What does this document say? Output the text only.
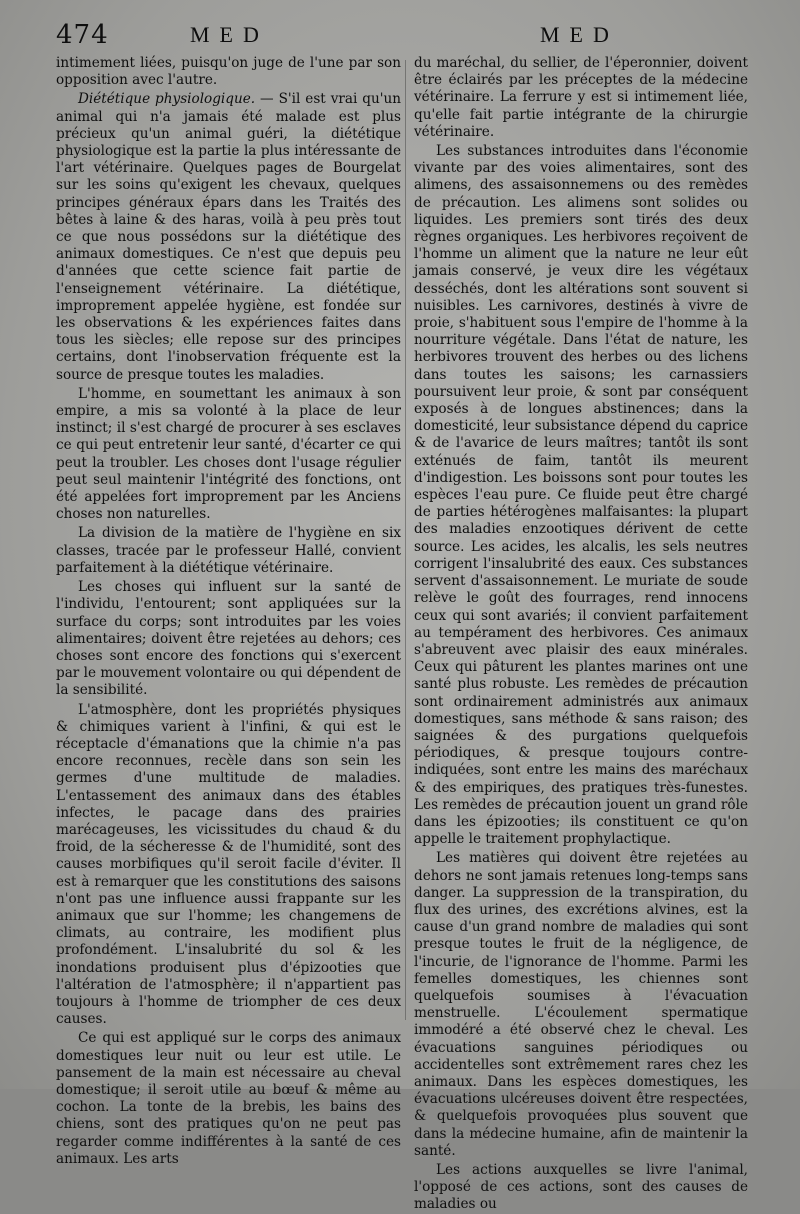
474	MED	MED

intimement liées, puisqu'on juge de l'une par son opposition avec l'autre.

Diététique physiologique. — S'il est vrai qu'un animal qui n'a jamais été malade est plus précieux qu'un animal guéri, la diététique physiologique est la partie la plus intéressante de l'art vétérinaire. Quelques pages de Bourgelat sur les soins qu'exigent les chevaux, quelques principes généraux épars dans les Traités des bêtes à laine & des haras, voilà à peu près tout ce que nous possédons sur la diététique des animaux domestiques. Ce n'est que depuis peu d'années que cette science fait partie de l'enseignement vétérinaire. La diététique, improprement appelée hygiène, est fondée sur les observations & les expériences faites dans tous les siècles; elle repose sur des principes certains, dont l'inobservation fréquente est la source de presque toutes les maladies.

L'homme, en soumettant les animaux à son empire, a mis sa volonté à la place de leur instinct; il s'est chargé de procurer à ses esclaves ce qui peut entretenir leur santé, d'écarter ce qui peut la troubler. Les choses dont l'usage régulier peut seul maintenir l'intégrité des fonctions, ont été appelées fort improprement par les Anciens choses non naturelles.

La division de la matière de l'hygiène en six classes, tracée par le professeur Hallé, convient parfaitement à la diététique vétérinaire.

Les choses qui influent sur la santé de l'individu, l'entourent; sont appliquées sur la surface du corps; sont introduites par les voies alimentaires; doivent être rejetées au dehors; ces choses sont encore des fonctions qui s'exercent par le mouvement volontaire ou qui dépendent de la sensibilité.

L'atmosphère, dont les propriétés physiques & chimiques varient à l'infini, & qui est le réceptacle d'émanations que la chimie n'a pas encore reconnues, recèle dans son sein les germes d'une multitude de maladies. L'entassement des animaux dans des étables infectes, le pacage dans des prairies marécageuses, les vicissitudes du chaud & du froid, de la sécheresse & de l'humidité, sont des causes morbifiques qu'il seroit facile d'éviter. Il est à remarquer que les constitutions des saisons n'ont pas une influence aussi frappante sur les animaux que sur l'homme; les changemens de climats, au contraire, les modifient plus profondément. L'insalubrité du sol & les inondations produisent plus d'épizooties que l'altération de l'atmosphère; il n'appartient pas toujours à l'homme de triompher de ces deux causes.

Ce qui est appliqué sur le corps des animaux domestiques leur nuit ou leur est utile. Le pansement de la main est nécessaire au cheval domestique; il seroit utile au bœuf & même au cochon. La tonte de la brebis, les bains des chiens, sont des pratiques qu'on ne peut pas regarder comme indifférentes à la santé de ces animaux. Les arts

du maréchal, du sellier, de l'éperonnier, doivent être éclairés par les préceptes de la médecine vétérinaire. La ferrure y est si intimement liée, qu'elle fait partie intégrante de la chirurgie vétérinaire.

Les substances introduites dans l'économie vivante par des voies alimentaires, sont des alimens, des assaisonnemens ou des remèdes de précaution. Les alimens sont solides ou liquides. Les premiers sont tirés des deux règnes organiques. Les herbivores reçoivent de l'homme un aliment que la nature ne leur eût jamais conservé, je veux dire les végétaux desséchés, dont les altérations sont souvent si nuisibles. Les carnivores, destinés à vivre de proie, s'habituent sous l'empire de l'homme à la nourriture végétale. Dans l'état de nature, les herbivores trouvent des herbes ou des lichens dans toutes les saisons; les carnassiers poursuivent leur proie, & sont par conséquent exposés à de longues abstinences; dans la domesticité, leur subsistance dépend du caprice & de l'avarice de leurs maîtres; tantôt ils sont exténués de faim, tantôt ils meurent d'indigestion. Les boissons sont pour toutes les espèces l'eau pure. Ce fluide peut être chargé de parties hétérogènes malfaisantes: la plupart des maladies enzootiques dérivent de cette source. Les acides, les alcalis, les sels neutres corrigent l'insalubrité des eaux. Ces substances servent d'assaisonnement. Le muriate de soude relève le goût des fourrages, rend innocens ceux qui sont avariés; il convient parfaitement au tempérament des herbivores. Ces animaux s'abreuvent avec plaisir des eaux minérales. Ceux qui pâturent les plantes marines ont une santé plus robuste. Les remèdes de précaution sont ordinairement administrés aux animaux domestiques, sans méthode & sans raison; des saignées & des purgations quelquefois périodiques, & presque toujours contre-indiquées, sont entre les mains des maréchaux & des empiriques, des pratiques très-funestes. Les remèdes de précaution jouent un grand rôle dans les épizooties; ils constituent ce qu'on appelle le traitement prophylactique.

Les matières qui doivent être rejetées au dehors ne sont jamais retenues long-temps sans danger. La suppression de la transpiration, du flux des urines, des excrétions alvines, est la cause d'un grand nombre de maladies qui sont presque toutes le fruit de la négligence, de l'incurie, de l'ignorance de l'homme. Parmi les femelles domestiques, les chiennes sont quelquefois soumises à l'évacuation menstruelle. L'écoulement spermatique immodéré a été observé chez le cheval. Les évacuations sanguines périodiques ou accidentelles sont extrêmement rares chez les animaux. Dans les espèces domestiques, les évacuations ulcéreuses doivent être respectées, & quelquefois provoquées plus souvent que dans la médecine humaine, afin de maintenir la santé.

Les actions auxquelles se livre l'animal, l'opposé de ces actions, sont des causes de maladies ou
